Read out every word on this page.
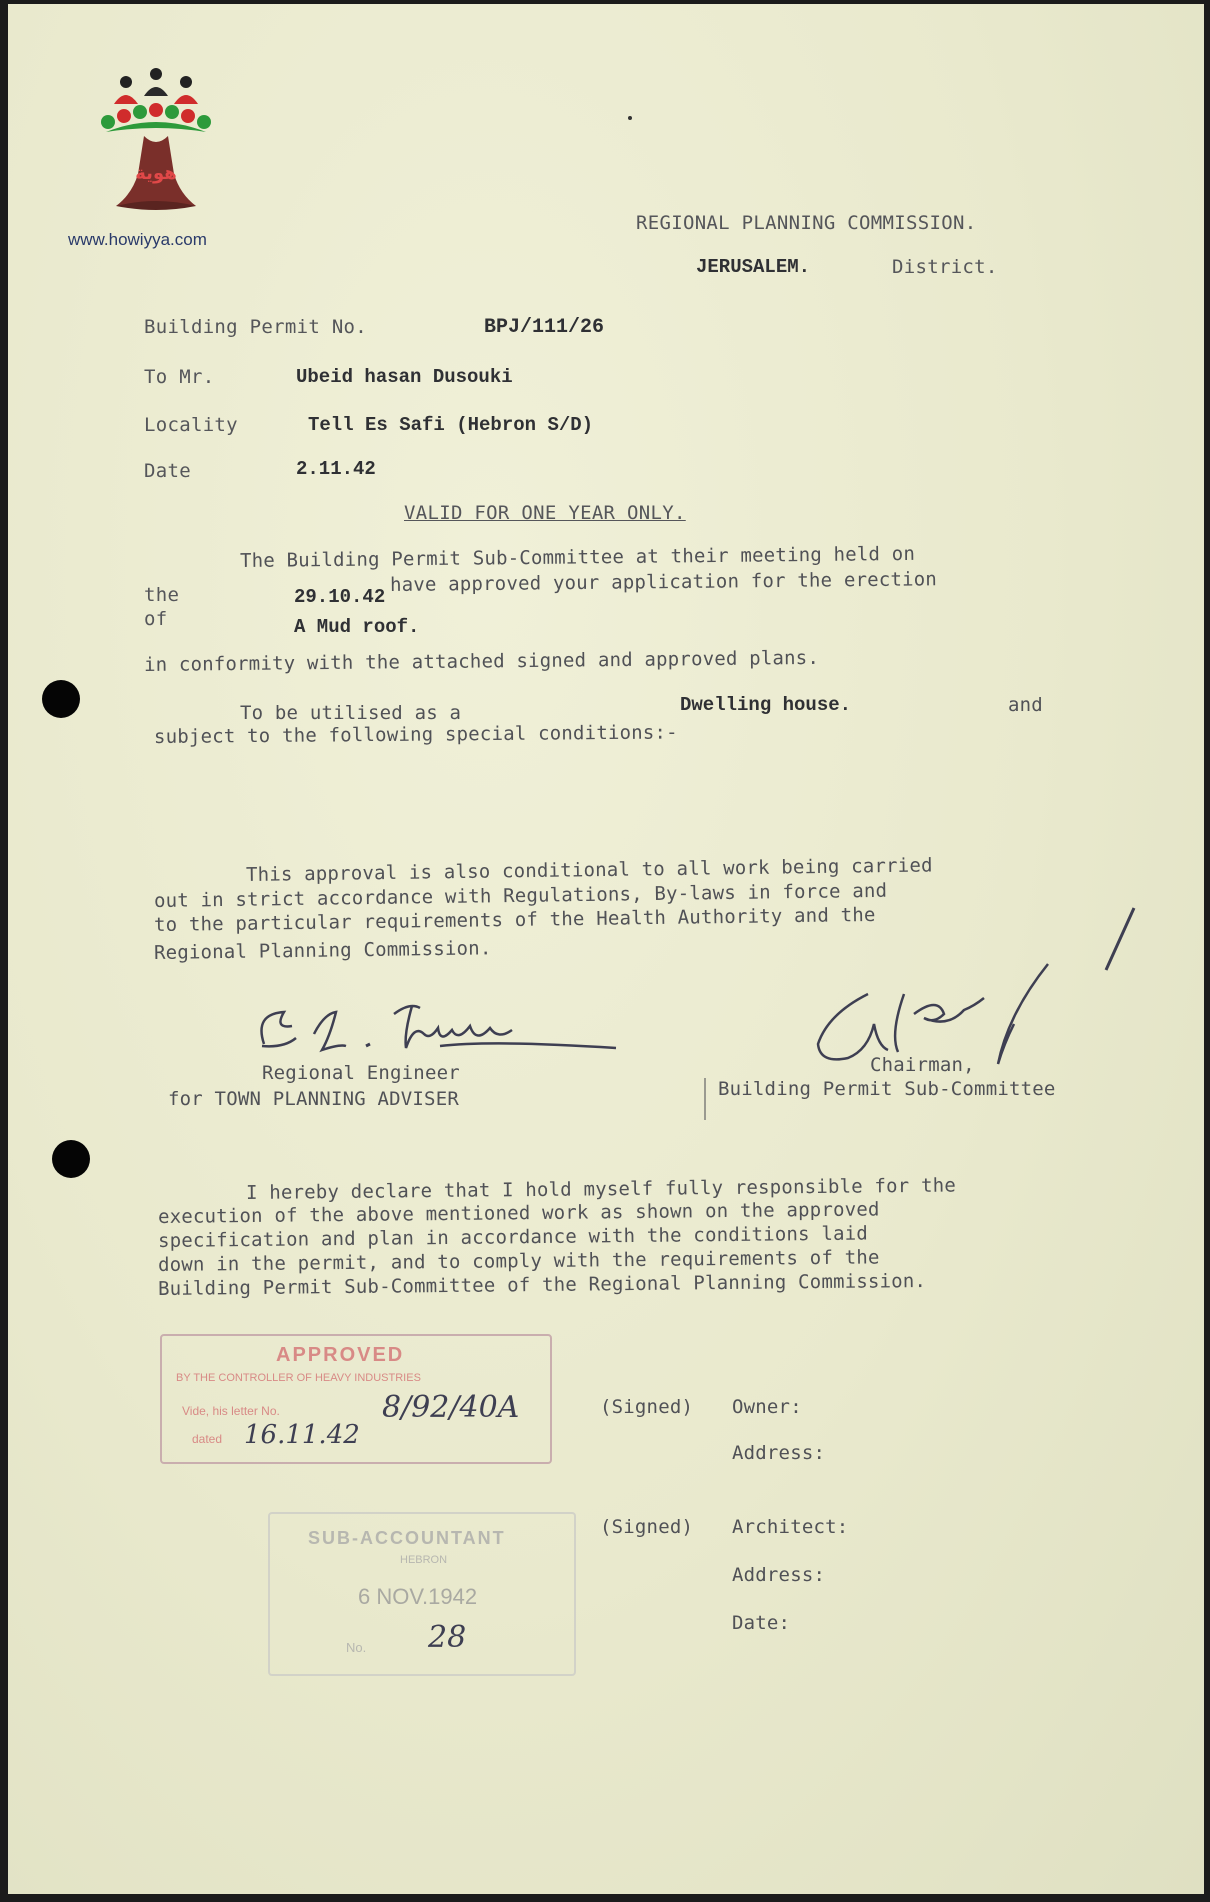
هوية
www.howiyya.com
REGIONAL PLANNING COMMISSION.
JERUSALEM.	District.
Building Permit No.	BPJ/111/26
To Mr.	Ubeid hasan Dusouki
Locality	Tell Es Safi (Hebron S/D)
Date	2.11.42
VALID FOR ONE YEAR ONLY.
The Building Permit Sub-Committee at their meeting held on
the	29.10.42
have approved your application for the erection
of	A Mud roof.
in conformity with the attached signed and approved plans.
To be utilised as a	Dwelling house.	and
subject to the following special conditions:-
This approval is also conditional to all work being carried
out in strict accordance with Regulations, By-laws in force and
to the particular requirements of the Health Authority and the
Regional Planning Commission.
Regional Engineer
for TOWN PLANNING ADVISER
Chairman,
Building Permit Sub-Committee
I hereby declare that I hold myself fully responsible for the
execution of the above mentioned work as shown on the approved
specification and plan in accordance with the conditions laid
down in the permit, and to comply with the requirements of the
Building Permit Sub-Committee of the Regional Planning Commission.
APPROVED
BY THE CONTROLLER OF HEAVY INDUSTRIES
Vide, his letter No.	8/92/40A
dated 16.11.42
(Signed) Owner:
Address:
SUB-ACCOUNTANT
HEBRON
6 NOV.1942
No. 28
(Signed) Architect:
Address:
Date:
